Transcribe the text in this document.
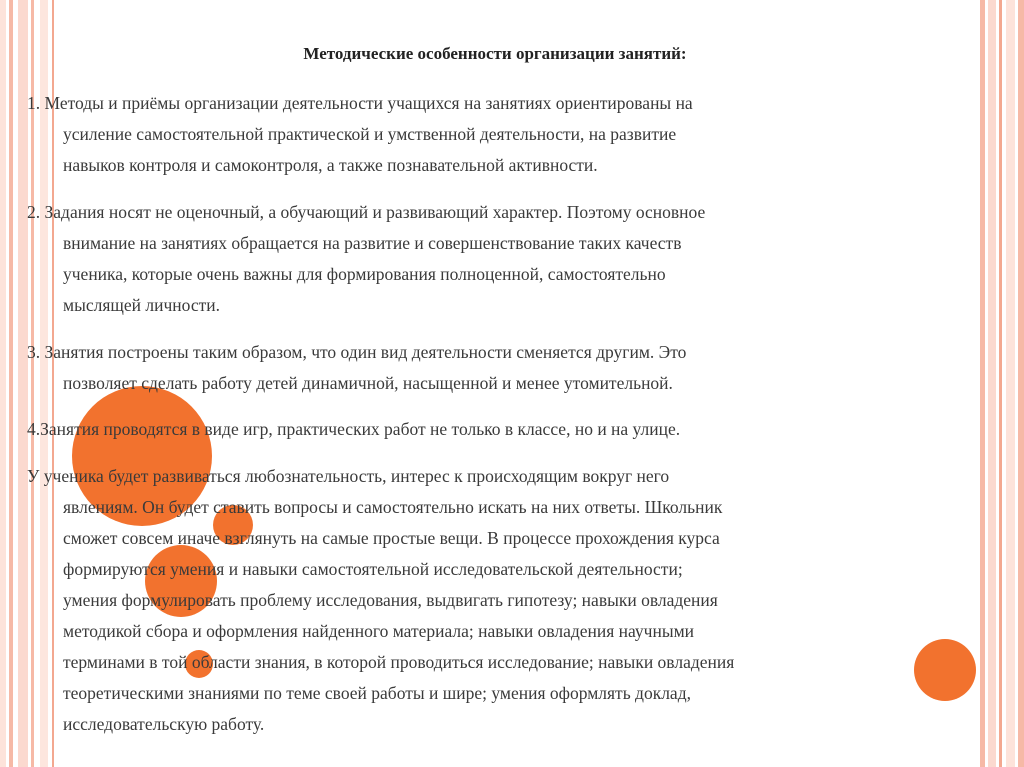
Методические особенности организации занятий:

1. Методы и приёмы организации деятельности учащихся на занятиях ориентированы на
усиление самостоятельной практической и умственной деятельности, на развитие
навыков контроля и самоконтроля, а также познавательной активности.

2. Задания носят не оценочный, а обучающий и развивающий характер. Поэтому основное
внимание на занятиях обращается на развитие и совершенствование таких качеств
ученика, которые очень важны для формирования полноценной, самостоятельно
мыслящей личности.

3. Занятия построены таким образом, что один вид деятельности сменяется другим. Это
позволяет сделать работу детей динамичной, насыщенной и менее утомительной.

4.Занятия проводятся в виде игр, практических работ не только в классе, но и на улице.

У ученика будет развиваться любознательность, интерес к происходящим вокруг него
явлениям. Он будет ставить вопросы и самостоятельно искать на них ответы. Школьник
сможет совсем иначе взглянуть на самые простые вещи. В процессе прохождения курса
формируются умения и навыки самостоятельной исследовательской деятельности;
умения формулировать проблему исследования, выдвигать гипотезу; навыки овладения
методикой сбора и оформления найденного материала; навыки овладения научными
терминами в той области знания, в которой проводиться исследование; навыки овладения
теоретическими знаниями по теме своей работы и шире; умения оформлять доклад,
исследовательскую работу.
